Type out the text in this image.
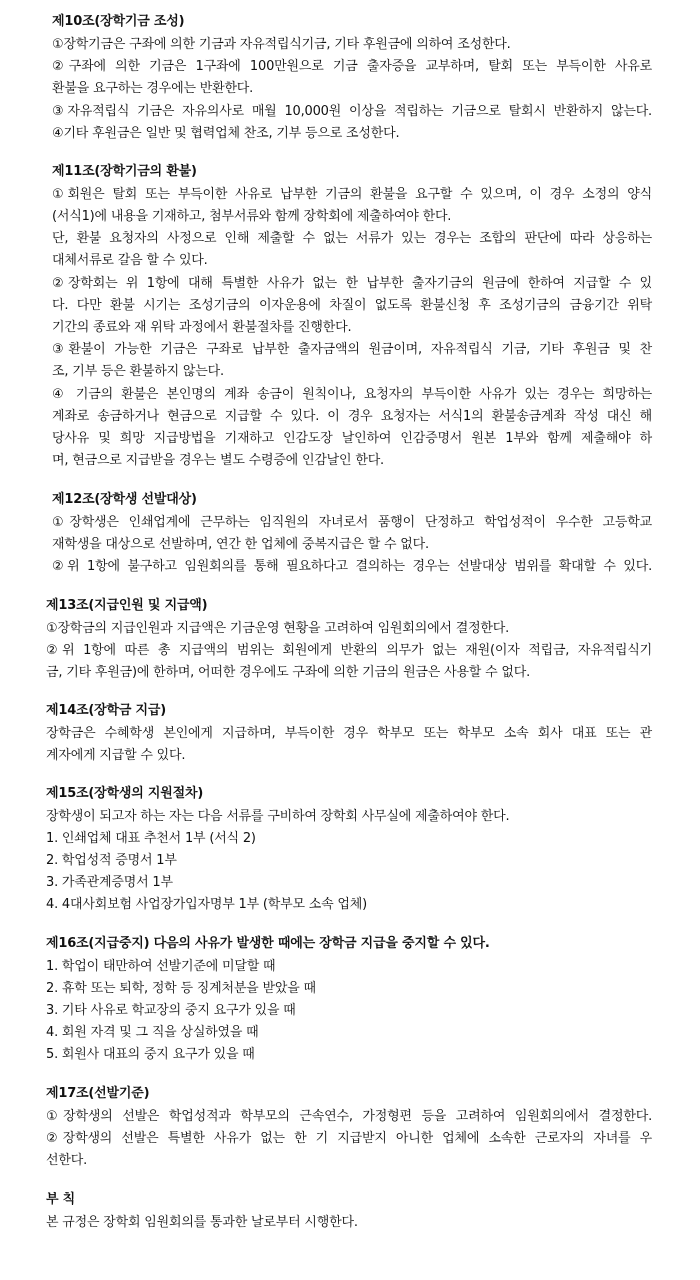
제10조(장학기금 조성)
①장학기금은 구좌에 의한 기금과 자유적립식기금, 기타 후원금에 의하여 조성한다.
②구좌에 의한 기금은 1구좌에 100만원으로 기금 출자증을 교부하며, 탈회 또는 부득이한 사유로
환불을 요구하는 경우에는 반환한다.
③자유적립식 기금은 자유의사로 매월 10,000원 이상을 적립하는 기금으로 탈회시 반환하지 않는다.
④기타 후원금은 일반 및 협력업체 찬조, 기부 등으로 조성한다.
제11조(장학기금의 환불)
①회원은 탈회 또는 부득이한 사유로 납부한 기금의 환불을 요구할 수 있으며, 이 경우 소정의 양식
(서식1)에 내용을 기재하고, 첨부서류와 함께 장학회에 제출하여야 한다.
단, 환불 요청자의 사정으로 인해 제출할 수 없는 서류가 있는 경우는 조합의 판단에 따라 상응하는
대체서류로 갈음 할 수 있다.
②장학회는 위 1항에 대해 특별한 사유가 없는 한 납부한 출자기금의 원금에 한하여 지급할 수 있
다. 다만 환불 시기는 조성기금의 이자운용에 차질이 없도록 환불신청 후 조성기금의 금융기간 위탁
기간의 종료와 재 위탁 과정에서 환불절차를 진행한다.
③환불이 가능한 기금은 구좌로 납부한 출자금액의 원금이며, 자유적립식 기금, 기타 후원금 및 찬
조, 기부 등은 환불하지 않는다.
④ 기금의 환불은 본인명의 계좌 송금이 원칙이나, 요청자의 부득이한 사유가 있는 경우는 희망하는
계좌로 송금하거나 현금으로 지급할 수 있다. 이 경우 요청자는 서식1의 환불송금계좌 작성 대신 해
당사유 및 희망 지급방법을 기재하고 인감도장 날인하여 인감증명서 원본 1부와 함께 제출해야 하
며, 현금으로 지급받을 경우는 별도 수령증에 인감날인 한다.
제12조(장학생 선발대상)
①장학생은 인쇄업계에 근무하는 임직원의 자녀로서 품행이 단정하고 학업성적이 우수한 고등학교
재학생을 대상으로 선발하며, 연간 한 업체에 중복지급은 할 수 없다.
②위 1항에 불구하고 임원회의를 통해 필요하다고 결의하는 경우는 선발대상 범위를 확대할 수 있다.
제13조(지급인원 및 지급액)
①장학금의 지급인원과 지급액은 기금운영 현황을 고려하여 임원회의에서 결정한다.
②위 1항에 따른 총 지급액의 범위는 회원에게 반환의 의무가 없는 재원(이자 적립금, 자유적립식기
금, 기타 후원금)에 한하며, 어떠한 경우에도 구좌에 의한 기금의 원금은 사용할 수 없다.
제14조(장학금 지급)
장학금은 수혜학생 본인에게 지급하며, 부득이한 경우 학부모 또는 학부모 소속 회사 대표 또는 관
계자에게 지급할 수 있다.
제15조(장학생의 지원절차)
장학생이 되고자 하는 자는 다음 서류를 구비하여 장학회 사무실에 제출하여야 한다.
1. 인쇄업체 대표 추천서 1부 (서식 2)
2. 학업성적 증명서 1부
3. 가족관계증명서 1부
4. 4대사회보험 사업장가입자명부 1부 (학부모 소속 업체)
제16조(지급중지) 다음의 사유가 발생한 때에는 장학금 지급을 중지할 수 있다.
1. 학업이 태만하여 선발기준에 미달할 때
2. 휴학 또는 퇴학, 정학 등 징계처분을 받았을 때
3. 기타 사유로 학교장의 중지 요구가 있을 때
4. 회원 자격 및 그 직을 상실하였을 때
5. 회원사 대표의 중지 요구가 있을 때
제17조(선발기준)
①장학생의 선발은 학업성적과 학부모의 근속연수, 가정형편 등을 고려하여 임원회의에서 결정한다.
②장학생의 선발은 특별한 사유가 없는 한 기 지급받지 아니한 업체에 소속한 근로자의 자녀를 우
선한다.
부 칙
본 규정은 장학회 임원회의를 통과한 날로부터 시행한다.
